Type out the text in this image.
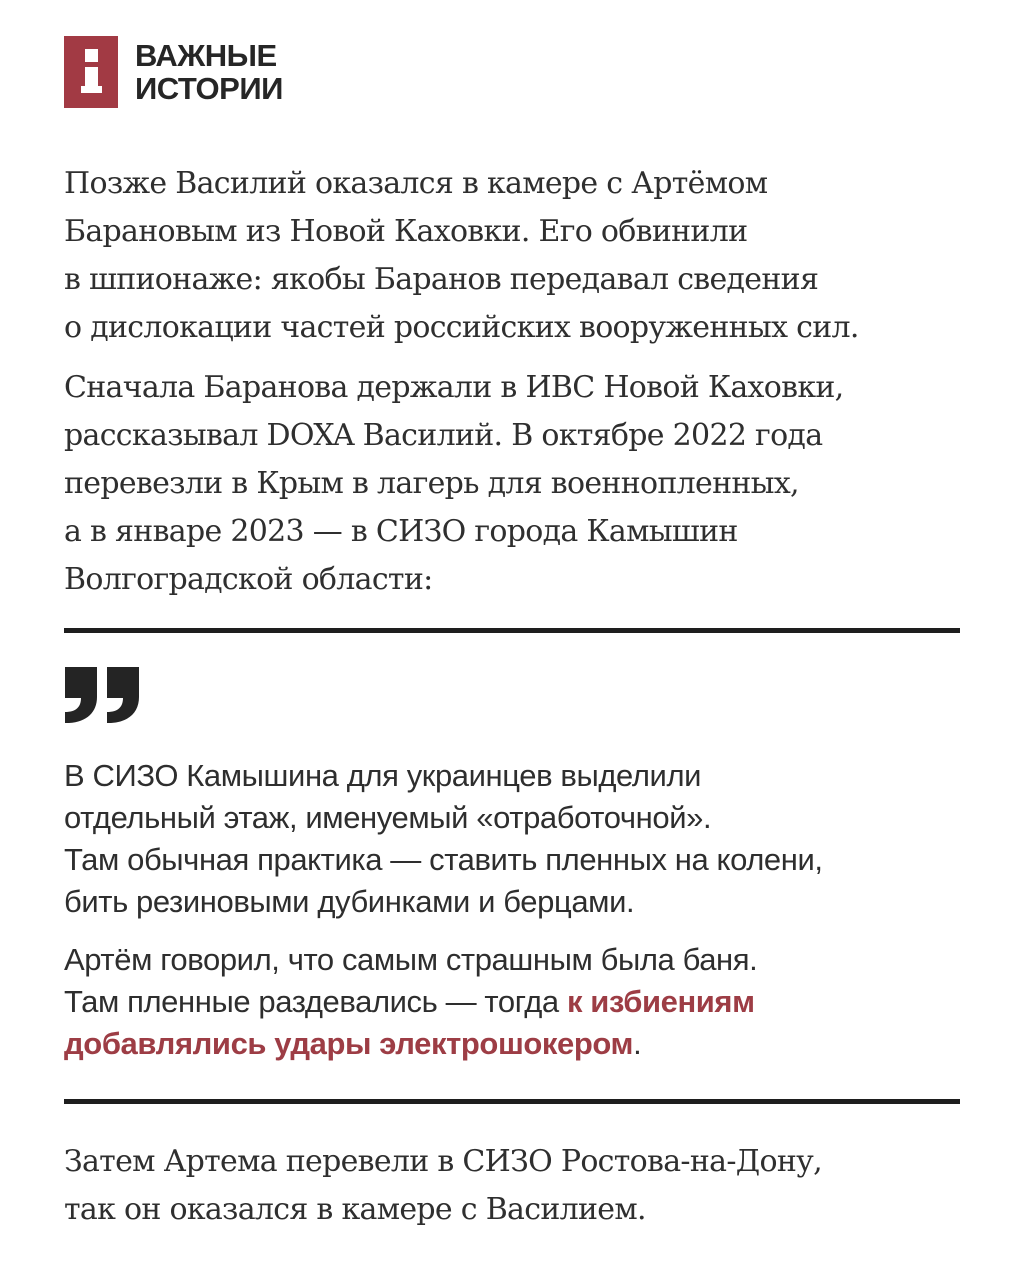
ВАЖНЫЕ
ИСТОРИИ

Позже Василий оказался в камере с Артёмом
Барановым из Новой Каховки. Его обвинили
в шпионаже: якобы Баранов передавал сведения
о дислокации частей российских вооруженных сил.

Сначала Баранова держали в ИВС Новой Каховки,
рассказывал DOXA Василий. В октябре 2022 года
перевезли в Крым в лагерь для военнопленных,
а в январе 2023 — в СИЗО города Камышин
Волгоградской области:

В СИЗО Камышина для украинцев выделили
отдельный этаж, именуемый «отработочной».
Там обычная практика — ставить пленных на колени,
бить резиновыми дубинками и берцами.

Артём говорил, что самым страшным была баня.
Там пленные раздевались — тогда к избиениям
добавлялись удары электрошокером.

Затем Артема перевели в СИЗО Ростова-на-Дону,
так он оказался в камере с Василием.
